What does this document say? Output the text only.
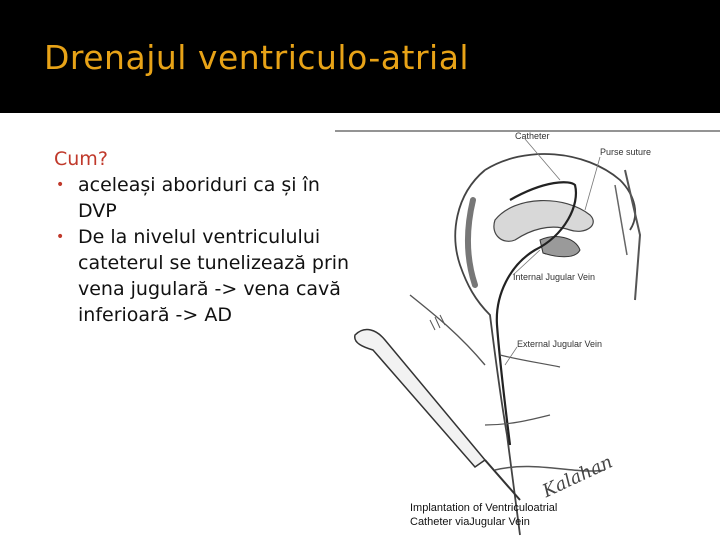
Drenajul ventriculo-atrial
Cum?
• aceleași aboriduri ca și în DVP
• De la nivelul ventriculului cateterul se tunelizează prin vena jugulară -> vena cavă inferioară -> AD
Catheter
Purse suture
Internal Jugular Vein
External Jugular Vein
Kalahan
Implantation of Ventriculoatrial
Catheter viaJugular Vein
